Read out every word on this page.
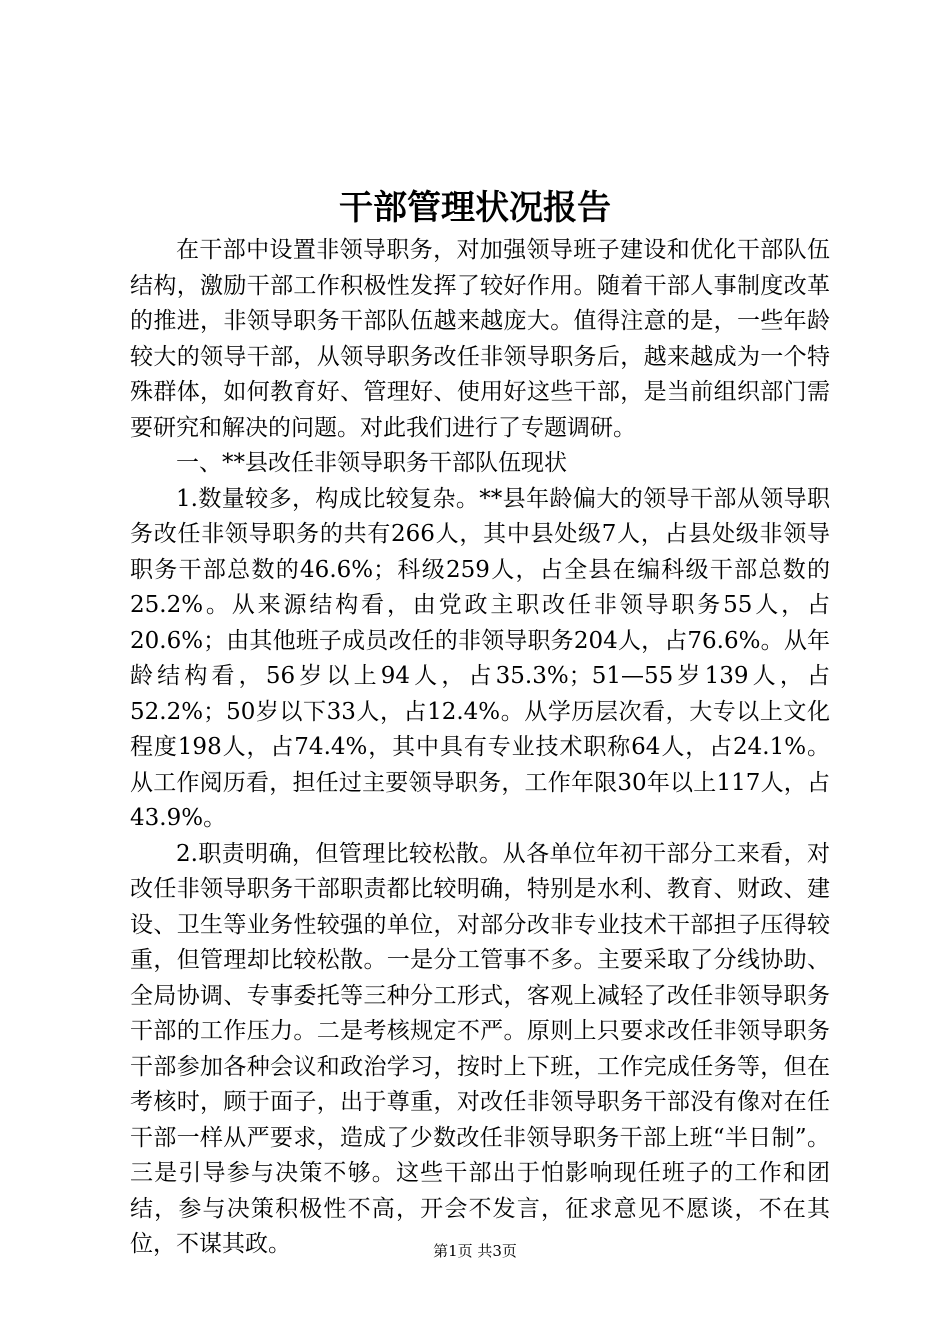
干部管理状况报告

在干部中设置非领导职务，对加强领导班子建设和优化干部队伍结构，激励干部工作积极性发挥了较好作用。随着干部人事制度改革的推进，非领导职务干部队伍越来越庞大。值得注意的是，一些年龄较大的领导干部，从领导职务改任非领导职务后，越来越成为一个特殊群体，如何教育好、管理好、使用好这些干部，是当前组织部门需要研究和解决的问题。对此我们进行了专题调研。

一、**县改任非领导职务干部队伍现状

1.数量较多，构成比较复杂。**县年龄偏大的领导干部从领导职务改任非领导职务的共有266人，其中县处级7人，占县处级非领导职务干部总数的46.6%；科级259人，占全县在编科级干部总数的25.2%。从来源结构看，由党政主职改任非领导职务55人，占20.6%；由其他班子成员改任的非领导职务204人，占76.6%。从年龄结构看，56岁以上94人，占35.3%；51—55岁139人，占52.2%；50岁以下33人，占12.4%。从学历层次看，大专以上文化程度198人，占74.4%，其中具有专业技术职称64人，占24.1%。从工作阅历看，担任过主要领导职务，工作年限30年以上117人，占43.9%。

2.职责明确，但管理比较松散。从各单位年初干部分工来看，对改任非领导职务干部职责都比较明确，特别是水利、教育、财政、建设、卫生等业务性较强的单位，对部分改非专业技术干部担子压得较重，但管理却比较松散。一是分工管事不多。主要采取了分线协助、全局协调、专事委托等三种分工形式，客观上减轻了改任非领导职务干部的工作压力。二是考核规定不严。原则上只要求改任非领导职务干部参加各种会议和政治学习，按时上下班，工作完成任务等，但在考核时，顾于面子，出于尊重，对改任非领导职务干部没有像对在任干部一样从严要求，造成了少数改任非领导职务干部上班“半日制”。三是引导参与决策不够。这些干部出于怕影响现任班子的工作和团结，参与决策积极性不高，开会不发言，征求意见不愿谈，不在其位，不谋其政。	第1页 共3页
